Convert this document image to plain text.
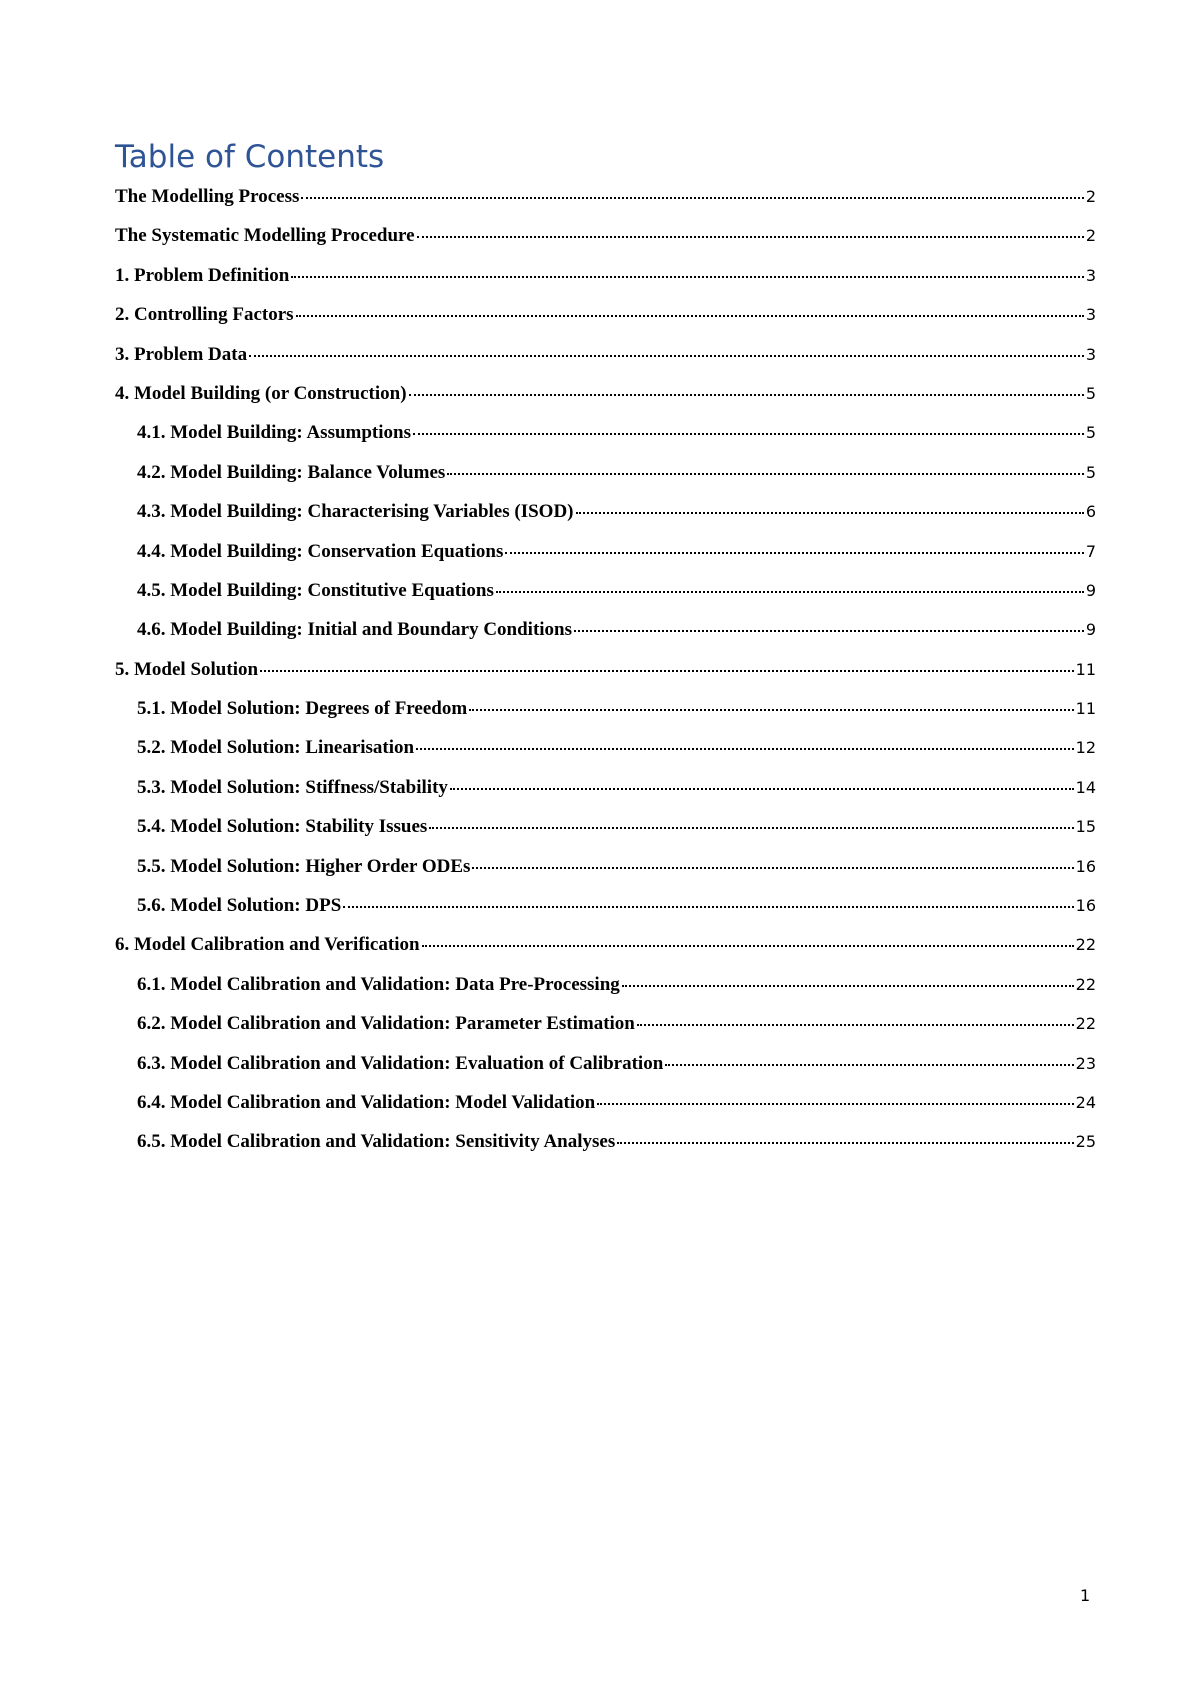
Table of Contents
The Modelling Process	2
The Systematic Modelling Procedure	2
1. Problem Definition	3
2. Controlling Factors	3
3. Problem Data	3
4. Model Building (or Construction)	5
4.1. Model Building: Assumptions	5
4.2. Model Building: Balance Volumes	5
4.3. Model Building: Characterising Variables (ISOD)	6
4.4. Model Building: Conservation Equations	7
4.5. Model Building: Constitutive Equations	9
4.6. Model Building: Initial and Boundary Conditions	9
5. Model Solution	11
5.1. Model Solution: Degrees of Freedom	11
5.2. Model Solution: Linearisation	12
5.3. Model Solution: Stiffness/Stability	14
5.4. Model Solution: Stability Issues	15
5.5. Model Solution: Higher Order ODEs	16
5.6. Model Solution: DPS	16
6. Model Calibration and Verification	22
6.1. Model Calibration and Validation: Data Pre-Processing	22
6.2. Model Calibration and Validation: Parameter Estimation	22
6.3. Model Calibration and Validation: Evaluation of Calibration	23
6.4. Model Calibration and Validation: Model Validation	24
6.5. Model Calibration and Validation: Sensitivity Analyses	25
1
